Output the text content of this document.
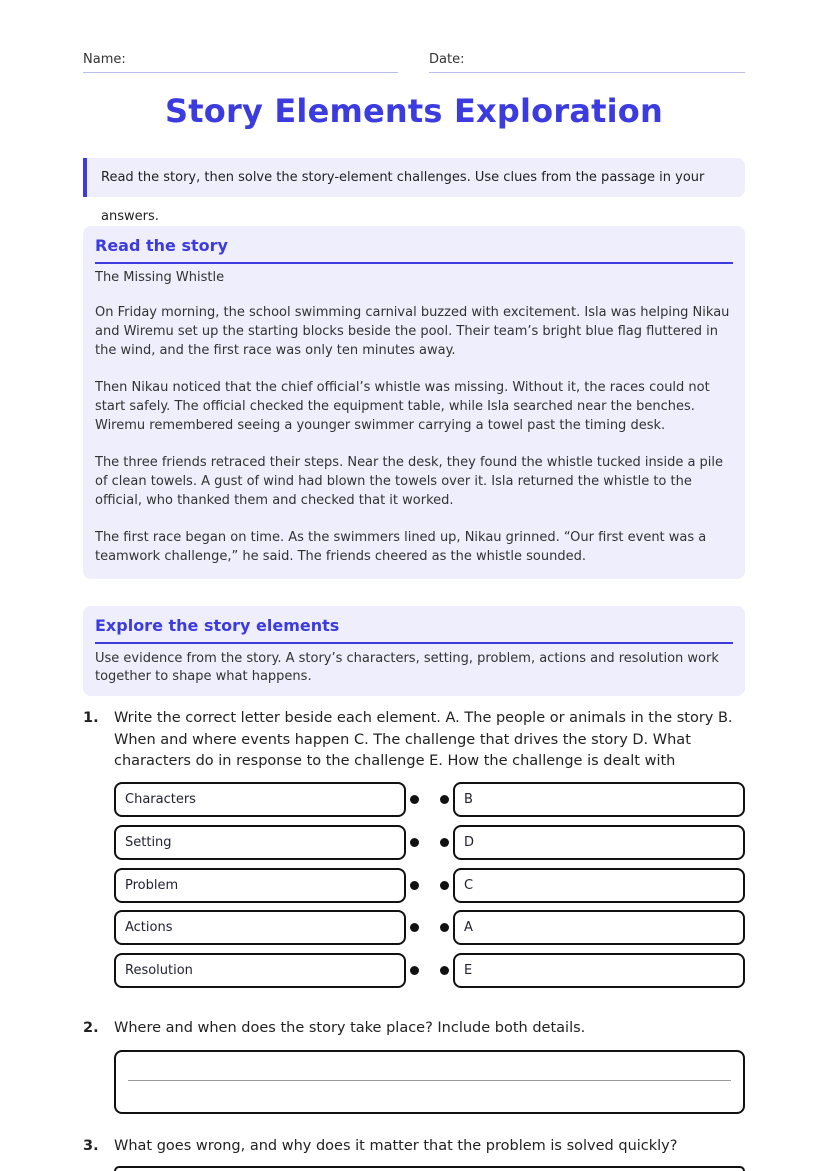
Name:	Date:
Story Elements Exploration
Read the story, then solve the story-element challenges. Use clues from the passage in your answers.
Read the story

The Missing Whistle

On Friday morning, the school swimming carnival buzzed with excitement. Isla was helping Nikau and Wiremu set up the starting blocks beside the pool. Their team’s bright blue flag fluttered in the wind, and the first race was only ten minutes away.

Then Nikau noticed that the chief official’s whistle was missing. Without it, the races could not start safely. The official checked the equipment table, while Isla searched near the benches. Wiremu remembered seeing a younger swimmer carrying a towel past the timing desk.

The three friends retraced their steps. Near the desk, they found the whistle tucked inside a pile of clean towels. A gust of wind had blown the towels over it. Isla returned the whistle to the official, who thanked them and checked that it worked.

The first race began on time. As the swimmers lined up, Nikau grinned. “Our first event was a teamwork challenge,” he said. The friends cheered as the whistle sounded.

Explore the story elements

Use evidence from the story. A story’s characters, setting, problem, actions and resolution work together to shape what happens.

1. Write the correct letter beside each element. A. The people or animals in the story B. When and where events happen C. The challenge that drives the story D. What characters do in response to the challenge E. How the challenge is dealt with

Characters	B
Setting	D
Problem	C
Actions	A
Resolution	E
2. Where and when does the story take place? Include both details.

3. What goes wrong, and why does it matter that the problem is solved quickly?
